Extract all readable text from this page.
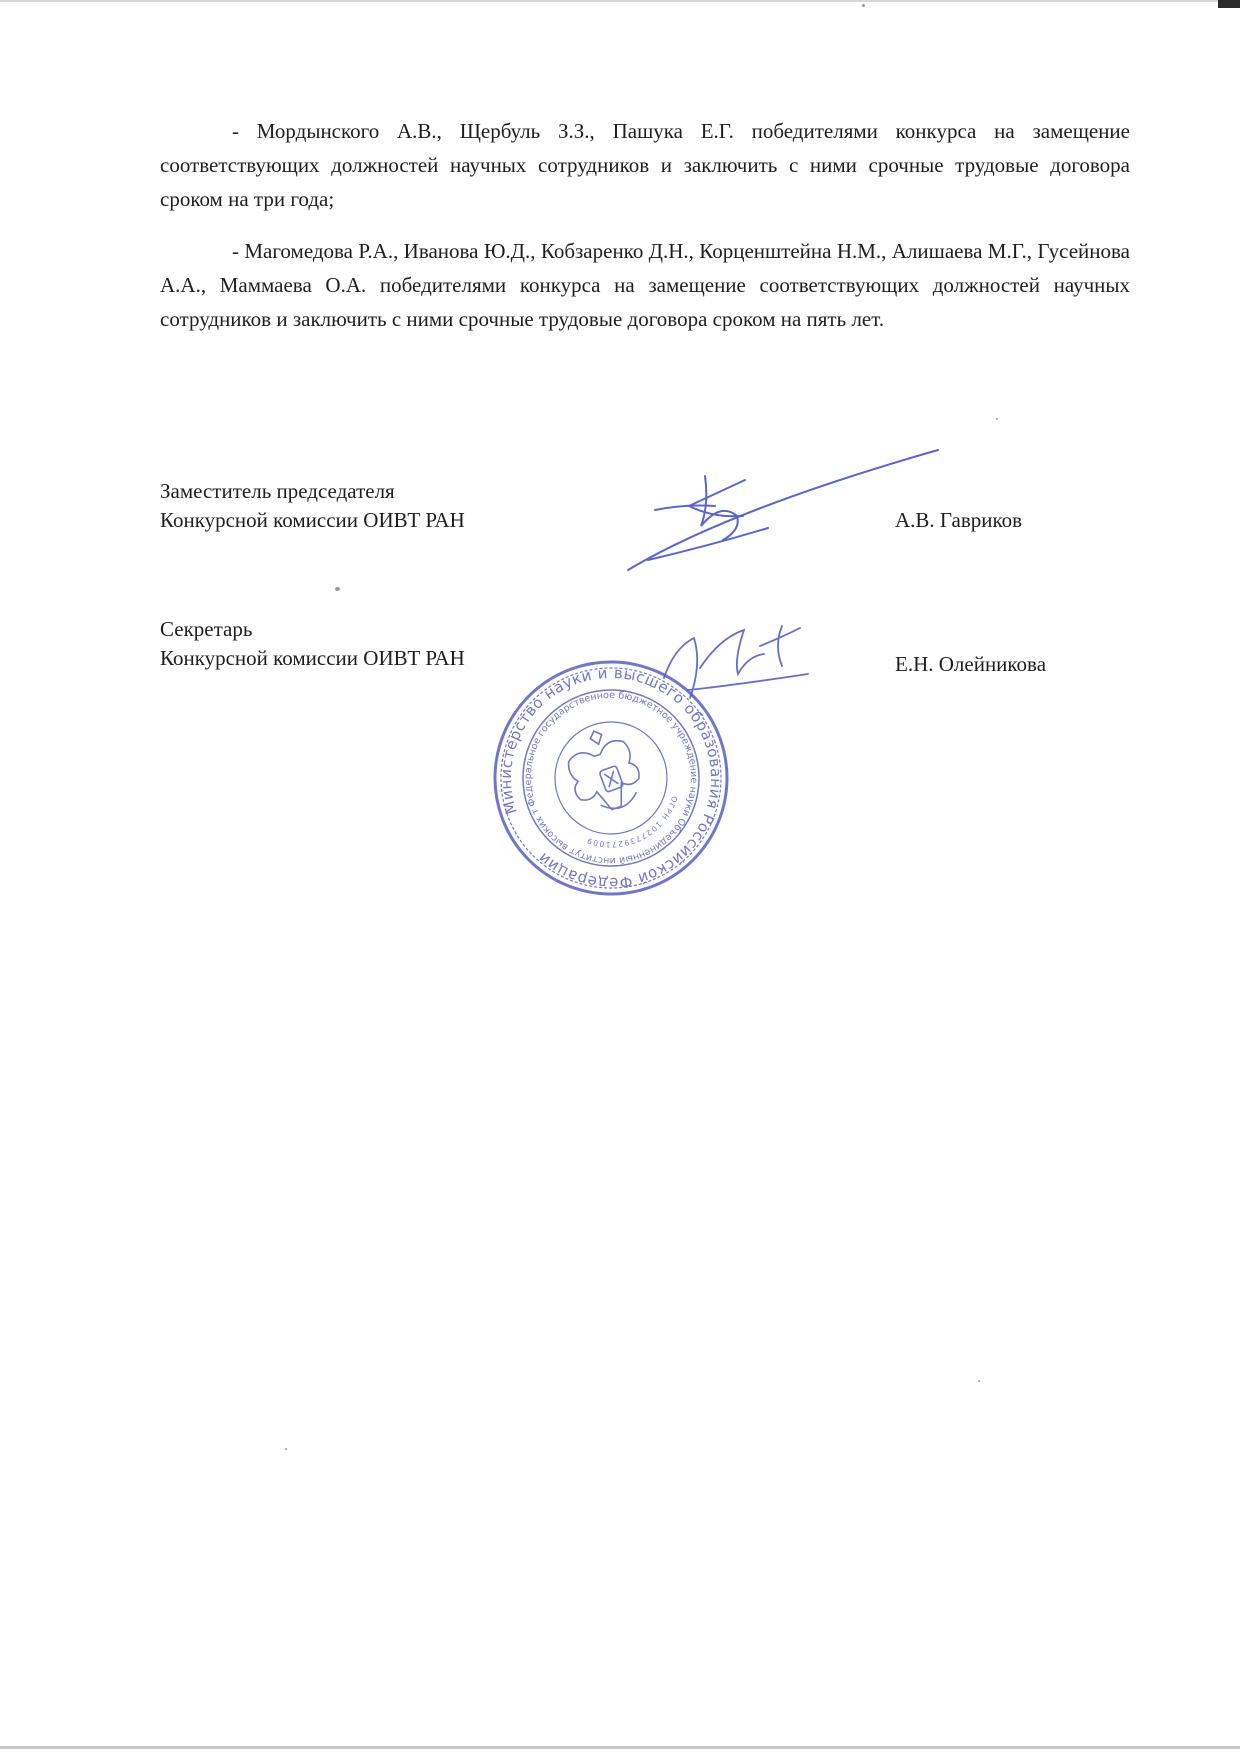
- Мордынского А.В., Щербуль З.З., Пашука Е.Г. победителями конкурса на замещение соответствующих должностей научных сотрудников и заключить с ними срочные трудовые договора сроком на три года;

- Магомедова Р.А., Иванова Ю.Д., Кобзаренко Д.Н., Корценштейна Н.М., Алишаева М.Г., Гусейнова А.А., Маммаева О.А. победителями конкурса на замещение соответствующих должностей научных сотрудников и заключить с ними срочные трудовые договора сроком на пять лет.

Заместитель председателя
Конкурсной комиссии ОИВТ РАН	А.В. Гавриков
Секретарь
Конкурсной комиссии ОИВТ РАН	Е.Н. Олейникова
Министерство науки и высшего образования Российской Федерации
Федеральное государственное бюджетное учреждение науки Объединенный институт высоких температур
ОГРН 1027739271009
